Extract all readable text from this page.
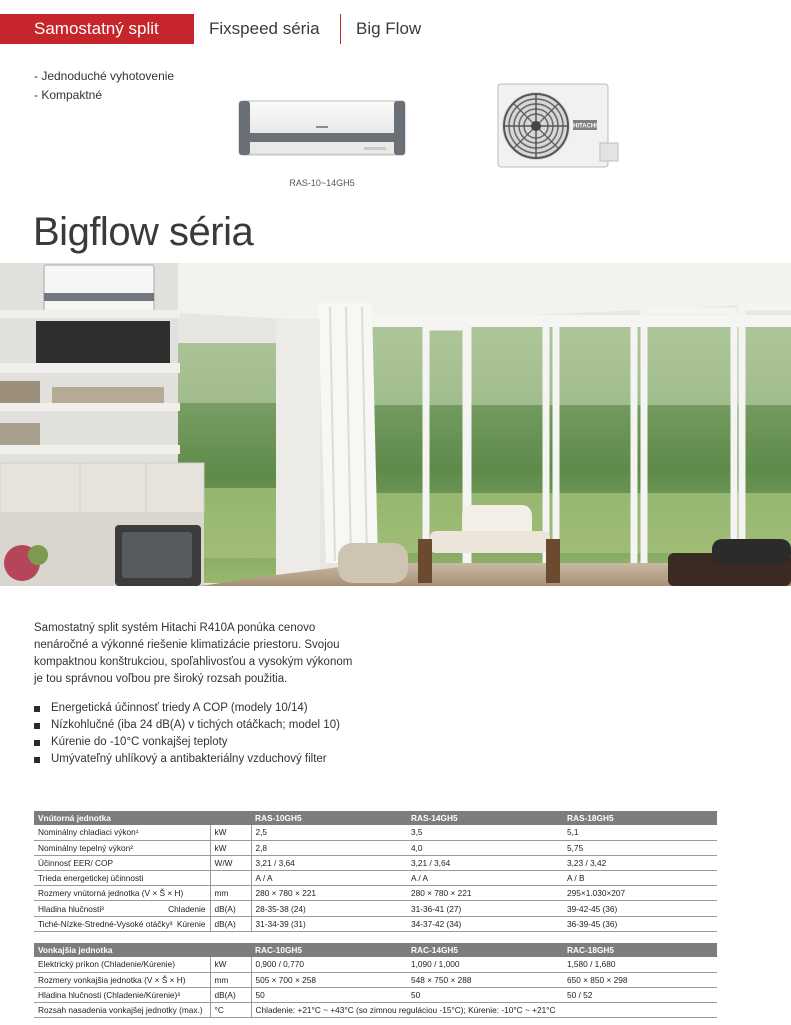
Samostatný split	Fixspeed séria Big Flow
- Jednoduché vyhotovenie
- Kompaktné
RAS-10~14GH5
HITACHI
Bigflow séria

Samostatný split systém Hitachi R410A ponúka cenovo nenáročné a výkonné riešenie klimatizácie priestoru. Svojou kompaktnou konštrukciou, spoľahlivosťou a vysokým výkonom je tou správnou voľbou pre široký rozsah použitia.

Energetická účinnosť triedy A COP (modely 10/14)
Nízkohlučné (iba 24 dB(A) v tichých otáčkach; model 10)
Kúrenie do -10°C vonkajšej teploty
Umývateľný uhlíkový a antibakteriálny vzduchový filter
Vnútorná jednotka		RAS-10GH5	RAS-14GH5	RAS-18GH5
Nominálny chladiaci výkon¹	kW	2,5	3,5	5,1
Nominálny tepelný výkon²	kW	2,8	4,0	5,75
Účinnosť EER/ COP	W/W	3,21 / 3,64	3,21 / 3,64	3,23 / 3,42
Trieda energetickej účinnosti		A / A	A / A	A / B
Rozmery vnútorná jednotka (V × Š × H)	mm	280 × 780 × 221	280 × 780 × 221	295×1.030×207
Hladina hlučnosti³ Chladenie	dB(A)	28-35-38 (24)	31-36-41 (27)	39-42-45 (36)
Tiché-Nízke-Stredné-Vysoké otáčky³ Kúrenie	dB(A)	31-34-39 (31)	34-37-42 (34)	36-39-45 (36)
Vonkajšia jednotka		RAC-10GH5	RAC-14GH5	RAC-18GH5
Elektrický príkon (Chladenie/Kúrenie)	kW	0,900 / 0,770	1,090 / 1,000	1,580 / 1,680
Rozmery vonkajšia jednotka (V × Š × H)	mm	505 × 700 × 258	548 × 750 × 288	650 × 850 × 298
Hladina hlučnosti (Chladenie/Kúrenie)³	dB(A)	50	50	50 / 52
Rozsah nasadenia vonkajšej jednotky (max.)	°C	Chladenie: +21°C ~ +43°C (so zimnou reguláciou -15°C); Kúrenie: -10°C ~ +21°C		
